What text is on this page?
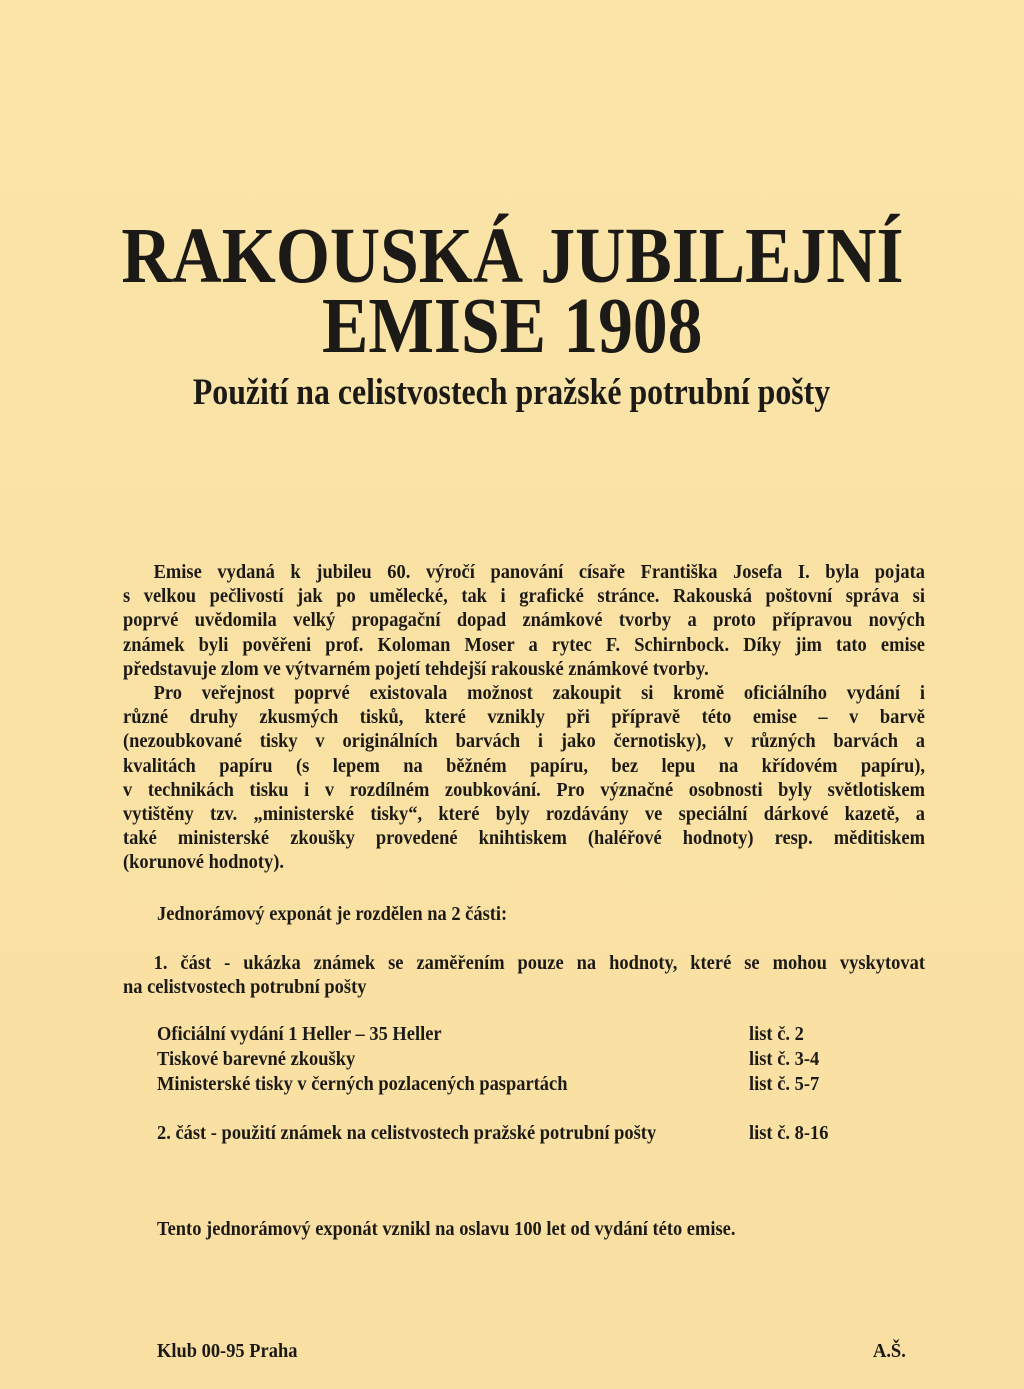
RAKOUSKÁ JUBILEJNÍ
EMISE 1908
Použití na celistvostech pražské potrubní pošty
Emise vydaná k jubileu 60. výročí panování císaře Františka Josefa I. byla pojata
s velkou pečlivostí jak po umělecké, tak i grafické stránce. Rakouská poštovní správa si
poprvé uvědomila velký propagační dopad známkové tvorby a proto přípravou nových
známek byli pověřeni prof. Koloman Moser a rytec F. Schirnbock. Díky jim tato emise
představuje zlom ve výtvarném pojetí tehdejší rakouské známkové tvorby.
Pro veřejnost poprvé existovala možnost zakoupit si kromě oficiálního vydání i
různé druhy zkusmých tisků, které vznikly při přípravě této emise – v barvě
(nezoubkované tisky v originálních barvách i jako černotisky), v různých barvách a
kvalitách papíru (s lepem na běžném papíru, bez lepu na křídovém papíru),
v technikách tisku i v rozdílném zoubkování. Pro význačné osobnosti byly světlotiskem
vytištěny tzv. „ministerské tisky“, které byly rozdávány ve speciální dárkové kazetě, a
také ministerské zkoušky provedené knihtiskem (haléřové hodnoty) resp. měditiskem
(korunové hodnoty).
Jednorámový exponát je rozdělen na 2 části:
1. část - ukázka známek se zaměřením pouze na hodnoty, které se mohou vyskytovat
na celistvostech potrubní pošty
Oficiální vydání 1 Heller – 35 Heller	list č. 2
Tiskové barevné zkoušky	list č. 3-4
Ministerské tisky v černých pozlacených paspartách	list č. 5-7
2. část - použití známek na celistvostech pražské potrubní pošty	list č. 8-16
Tento jednorámový exponát vznikl na oslavu 100 let od vydání této emise.
Klub 00-95 Praha	A.Š.
